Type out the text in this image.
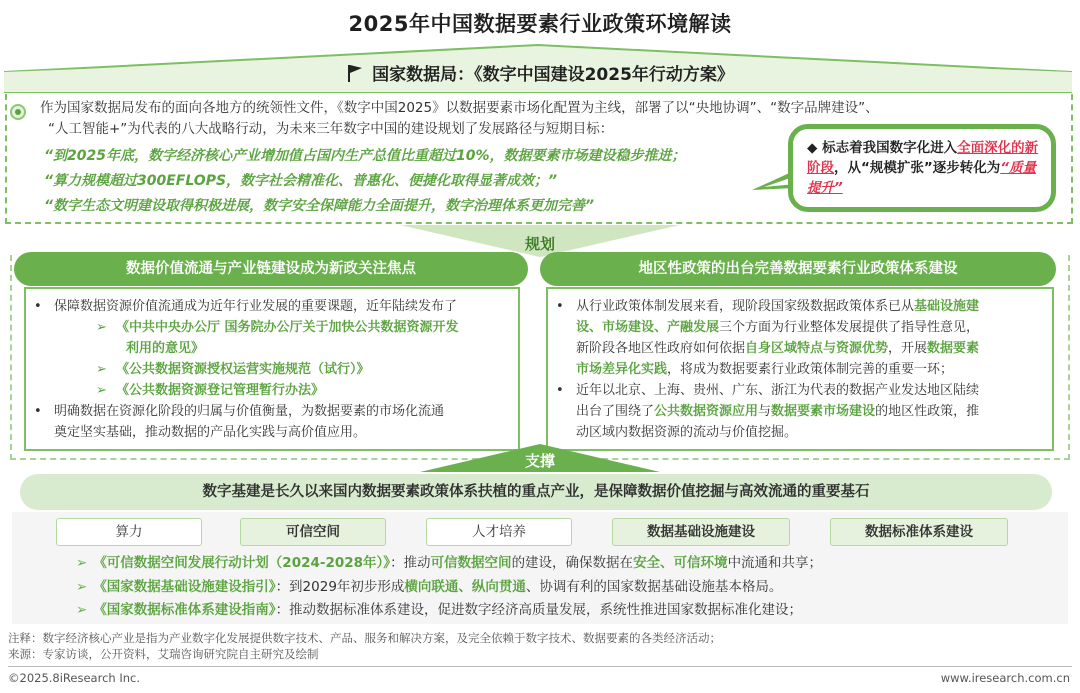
2025年中国数据要素行业政策环境解读
国家数据局：《数字中国建设2025年行动方案》
作为国家数据局发布的面向各地方的统领性文件，《数字中国2025》以数据要素市场化配置为主线，部署了以“央地协调”、“数字品牌建设”、
“人工智能+”为代表的八大战略行动，为未来三年数字中国的建设规划了发展路径与短期目标：
“到2025年底，数字经济核心产业增加值占国内生产总值比重超过10%，数据要素市场建设稳步推进；
“算力规模超过300EFLOPS，数字社会精准化、普惠化、便捷化取得显著成效；”
“数字生态文明建设取得积极进展，数字安全保障能力全面提升，数字治理体系更加完善”
◆ 标志着我国数字化进入全面深化的新阶段，从“规模扩张”逐步转化为“质量提升”
规划
数据价值流通与产业链建设成为新政关注焦点	地区性政策的出台完善数据要素行业政策体系建设
• 保障数据资源价值流通成为近年行业发展的重要课题，近年陆续发布了
➢  《中共中央办公厅 国务院办公厅关于加快公共数据资源开发
利用的意见》
➢  《公共数据资源授权运营实施规范（试行）》
➢  《公共数据资源登记管理暂行办法》
• 明确数据在资源化阶段的归属与价值衡量，为数据要素的市场化流通
奠定坚实基础，推动数据的产品化实践与高价值应用。
• 从行业政策体制发展来看，现阶段国家级数据政策体系已从基础设施建
设、市场建设、产融发展三个方面为行业整体发展提供了指导性意见，
新阶段各地区性政府如何依据自身区域特点与资源优势，开展数据要素
市场差异化实践，将成为数据要素行业政策体制完善的重要一环；
• 近年以北京、上海、贵州、广东、浙江为代表的数据产业发达地区陆续
出台了围绕了公共数据资源应用与数据要素市场建设的地区性政策，推
动区域内数据资源的流动与价值挖掘。
支撑
数字基建是长久以来国内数据要素政策体系扶植的重点产业，是保障数据价值挖掘与高效流通的重要基石
算力	可信空间	人才培养	数据基础设施建设	数据标准体系建设
➢ 《可信数据空间发展行动计划（2024-2028年）》：推动可信数据空间的建设，确保数据在安全、可信环境中流通和共享；
➢ 《国家数据基础设施建设指引》：到2029年初步形成横向联通、纵向贯通、协调有利的国家数据基础设施基本格局。
➢ 《国家数据标准体系建设指南》：推动数据标准体系建设，促进数字经济高质量发展，系统性推进国家数据标准化建设；
注释：数字经济核心产业是指为产业数字化发展提供数字技术、产品、服务和解决方案，及完全依赖于数字技术、数据要素的各类经济活动；
来源：专家访谈，公开资料，艾瑞咨询研究院自主研究及绘制
©2025.8iResearch Inc.	www.iresearch.com.cn
